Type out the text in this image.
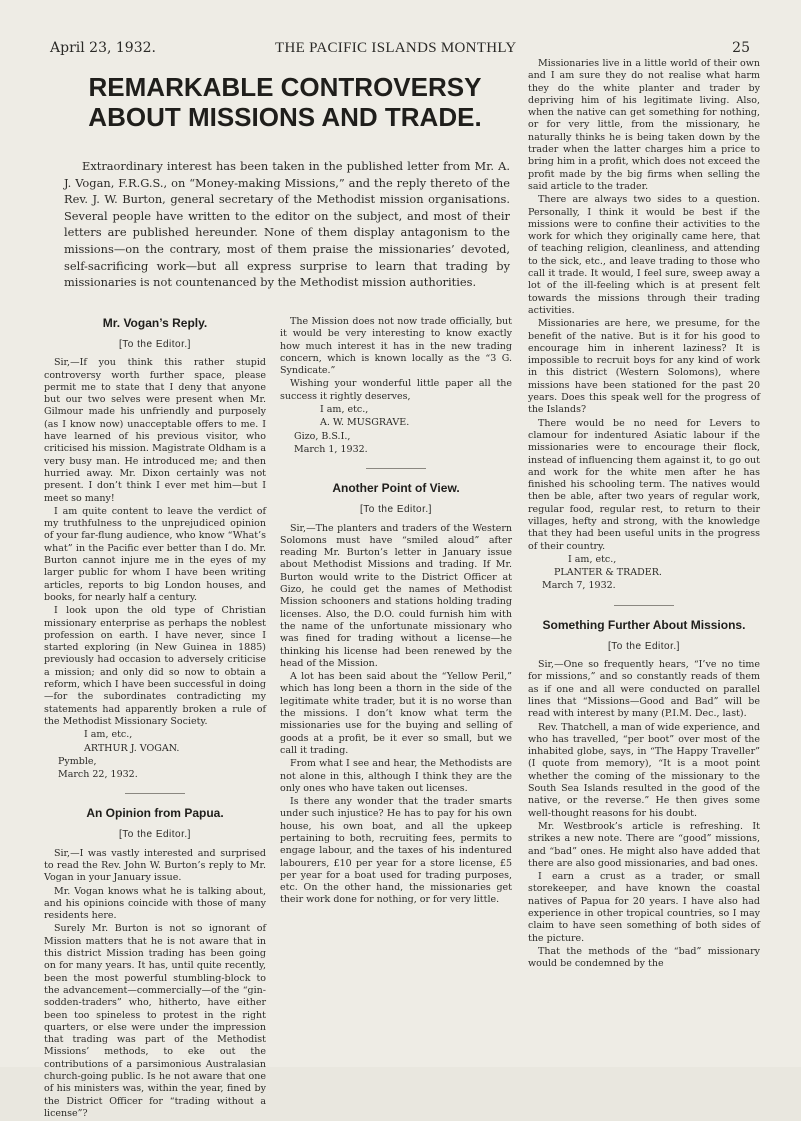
April 23, 1932.	THE PACIFIC ISLANDS MONTHLY	25
REMARKABLE CONTROVERSY
ABOUT MISSIONS AND TRADE.

Extraordinary interest has been taken in the published letter from Mr. A. J. Vogan, F.R.G.S., on “Money-making Missions,” and the reply thereto of the Rev. J. W. Burton, general secretary of the Methodist mission organisations. Several people have written to the editor on the subject, and most of their letters are published hereunder. None of them display antagonism to the missions—on the contrary, most of them praise the missionaries’ devoted, self-sacrificing work—but all express surprise to learn that trading by missionaries is not countenanced by the Methodist mission authorities.

Mr. Vogan’s Reply.
[To the Editor.]

Sir,—If you think this rather stupid controversy worth further space, please permit me to state that I deny that anyone but our two selves were present when Mr. Gilmour made his unfriendly and purposely (as I know now) unacceptable offers to me. I have learned of his previous visitor, who criticised his mission. Magistrate Oldham is a very busy man. He introduced me; and then hurried away. Mr. Dixon certainly was not present. I don’t think I ever met him—but I meet so many!

I am quite content to leave the verdict of my truthfulness to the unprejudiced opinion of your far-flung audience, who know “What’s what” in the Pacific ever better than I do. Mr. Burton cannot injure me in the eyes of my larger public for whom I have been writing articles, reports to big London houses, and books, for nearly half a century.

I look upon the old type of Christian missionary enterprise as perhaps the noblest profession on earth. I have never, since I started exploring (in New Guinea in 1885) previously had occasion to adversely criticise a mission; and only did so now to obtain a reform, which I have been successful in doing—for the subordinates contradicting my statements had apparently broken a rule of the Methodist Missionary Society.

I am, etc.,

ARTHUR J. VOGAN.

Pymble,

March 22, 1932.

An Opinion from Papua.
[To the Editor.]

Sir,—I was vastly interested and surprised to read the Rev. John W. Burton’s reply to Mr. Vogan in your January issue.

Mr. Vogan knows what he is talking about, and his opinions coincide with those of many residents here.

Surely Mr. Burton is not so ignorant of Mission matters that he is not aware that in this district Mission trading has been going on for many years. It has, until quite recently, been the most powerful stumbling-block to the advancement—commercially—of the “gin-sodden-traders” who, hitherto, have either been too spineless to protest in the right quarters, or else were under the impression that trading was part of the Methodist Missions’ methods, to eke out the contributions of a parsimonious Australasian church-going public. Is he not aware that one of his ministers was, within the year, fined by the District Officer for “trading without a license”?

The Mission does not now trade officially, but it would be very interesting to know exactly how much interest it has in the new trading concern, which is known locally as the “3 G. Syndicate.”

Wishing your wonderful little paper all the success it rightly deserves,

I am, etc.,

A. W. MUSGRAVE.

Gizo, B.S.I.,

March 1, 1932.

Another Point of View.
[To the Editor.]

Sir,—The planters and traders of the Western Solomons must have “smiled aloud” after reading Mr. Burton’s letter in January issue about Methodist Missions and trading. If Mr. Burton would write to the District Officer at Gizo, he could get the names of Methodist Mission schooners and stations holding trading licenses. Also, the D.O. could furnish him with the name of the unfortunate missionary who was fined for trading without a license—he thinking his license had been renewed by the head of the Mission.

A lot has been said about the “Yellow Peril,” which has long been a thorn in the side of the legitimate white trader, but it is no worse than the missions. I don’t know what term the missionaries use for the buying and selling of goods at a profit, be it ever so small, but we call it trading.

From what I see and hear, the Methodists are not alone in this, although I think they are the only ones who have taken out licenses.

Is there any wonder that the trader smarts under such injustice? He has to pay for his own house, his own boat, and all the upkeep pertaining to both, recruiting fees, permits to engage labour, and the taxes of his indentured labourers, £10 per year for a store license, £5 per year for a boat used for trading purposes, etc. On the other hand, the missionaries get their work done for nothing, or for very little.

Missionaries live in a little world of their own and I am sure they do not realise what harm they do the white planter and trader by depriving him of his legitimate living. Also, when the native can get something for nothing, or for very little, from the missionary, he naturally thinks he is being taken down by the trader when the latter charges him a price to bring him in a profit, which does not exceed the profit made by the big firms when selling the said article to the trader.

There are always two sides to a question. Personally, I think it would be best if the missions were to confine their activities to the work for which they originally came here, that of teaching religion, cleanliness, and attending to the sick, etc., and leave trading to those who call it trade. It would, I feel sure, sweep away a lot of the ill-feeling which is at present felt towards the missions through their trading activities.

Missionaries are here, we presume, for the benefit of the native. But is it for his good to encourage him in inherent laziness? It is impossible to recruit boys for any kind of work in this district (Western Solomons), where missions have been stationed for the past 20 years. Does this speak well for the progress of the Islands?

There would be no need for Levers to clamour for indentured Asiatic labour if the missionaries were to encourage their flock, instead of influencing them against it, to go out and work for the white men after he has finished his schooling term. The natives would then be able, after two years of regular work, regular food, regular rest, to return to their villages, hefty and strong, with the knowledge that they had been useful units in the progress of their country.

I am, etc.,

PLANTER & TRADER.

March 7, 1932.

Something Further About Missions.
[To the Editor.]

Sir,—One so frequently hears, “I’ve no time for missions,” and so constantly reads of them as if one and all were conducted on parallel lines that “Missions—Good and Bad” will be read with interest by many (P.I.M. Dec., last).

Rev. Thatchell, a man of wide experience, and who has travelled, “per boot” over most of the inhabited globe, says, in “The Happy Traveller” (I quote from memory), “It is a moot point whether the coming of the missionary to the South Sea Islands resulted in the good of the native, or the reverse.” He then gives some well-thought reasons for his doubt.

Mr. Westbrook’s article is refreshing. It strikes a new note. There are “good” missions, and “bad” ones. He might also have added that there are also good missionaries, and bad ones.

I earn a crust as a trader, or small storekeeper, and have known the coastal natives of Papua for 20 years. I have also had experience in other tropical countries, so I may claim to have seen something of both sides of the picture.

That the methods of the “bad” missionary would be condemned by the
